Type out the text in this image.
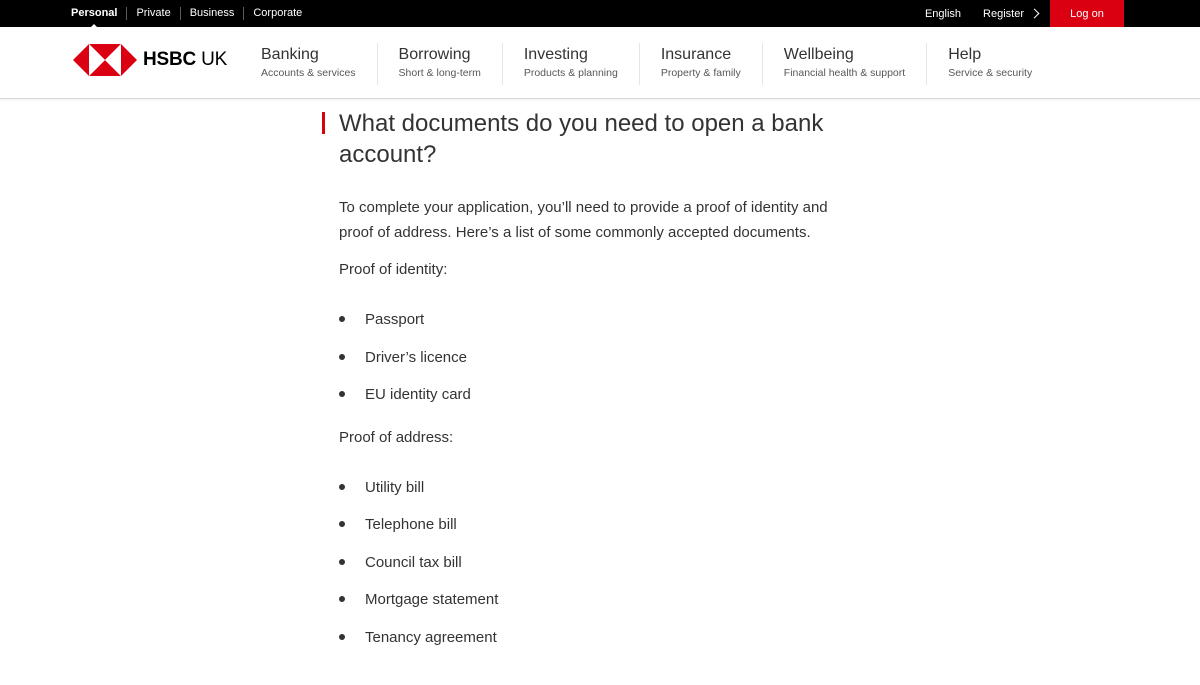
Personal	Private	Business	Corporate	English Register	Log on
HSBC UK Banking
Accounts & services
Borrowing
Short & long-term
Investing
Products & planning
Insurance
Property & family
Wellbeing
Financial health & support
Help
Service & security
What documents do you need to open a bank account?

To complete your application, you’ll need to provide a proof of identity and proof of address. Here’s a list of some commonly accepted documents.

Proof of identity:

Passport
Driver’s licence
EU identity card

Proof of address:

Utility bill
Telephone bill
Council tax bill
Mortgage statement
Tenancy agreement
